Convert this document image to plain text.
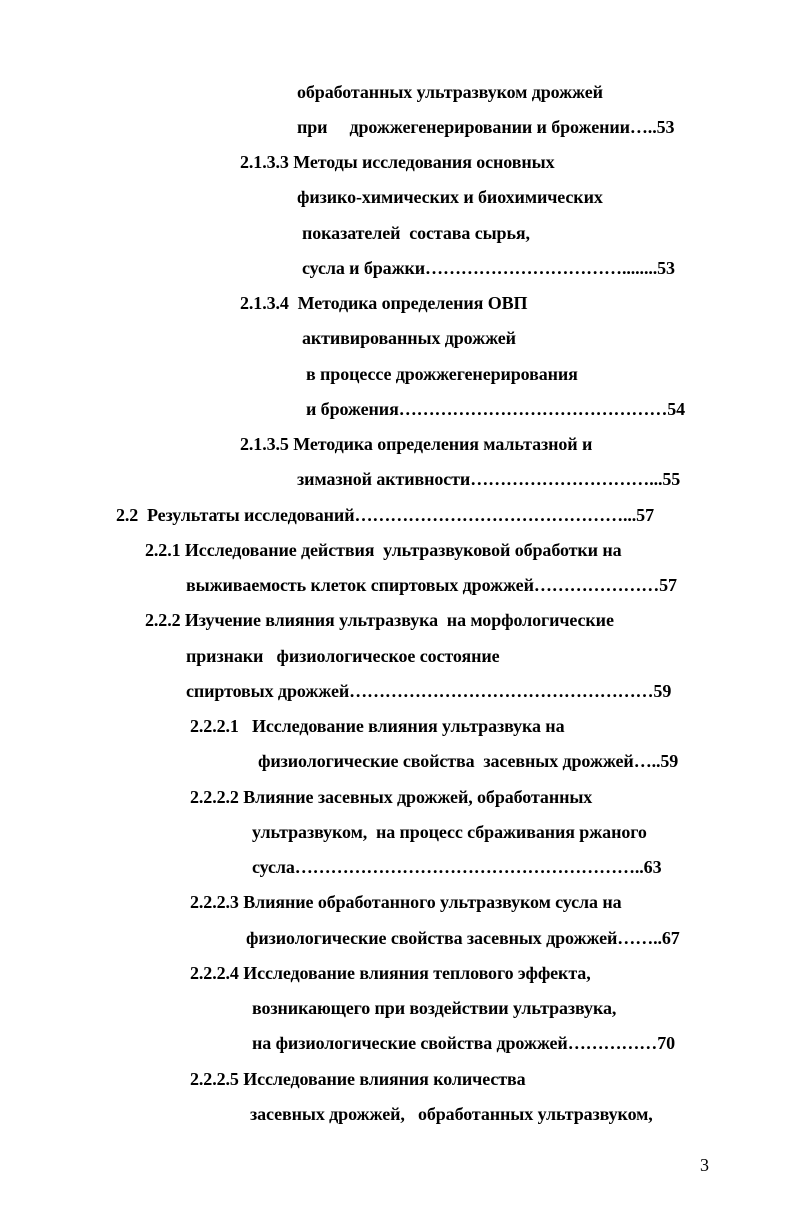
обработанных ультразвуком дрожжей
при     дрожжегенерировании и брожении…..53
2.1.3.3 Методы исследования основных
физико-химических и биохимических
показателей  состава сырья,
сусла и бражки……………………………........53
2.1.3.4  Методика определения ОВП
активированных дрожжей
в процессе дрожжегенерирования
и брожения………………………………………54
2.1.3.5 Методика определения мальтазной и
зимазной активности…………………………...55
2.2  Результаты исследований………………………………………...57
2.2.1 Исследование действия  ультразвуковой обработки на
выживаемость клеток спиртовых дрожжей…………………57
2.2.2 Изучение влияния ультразвука  на морфологические
признаки   физиологическое состояние
спиртовых дрожжей……………………………………………59
2.2.2.1   Исследование влияния ультразвука на
физиологические свойства  засевных дрожжей…..59
2.2.2.2 Влияние засевных дрожжей, обработанных
ультразвуком,  на процесс сбраживания ржаного
сусла…………………………………………………..63
2.2.2.3 Влияние обработанного ультразвуком сусла на
физиологические свойства засевных дрожжей……..67
2.2.2.4 Исследование влияния теплового эффекта,
возникающего при воздействии ультразвука,
на физиологические свойства дрожжей……………70
2.2.2.5 Исследование влияния количества
засевных дрожжей,   обработанных ультразвуком,
3
